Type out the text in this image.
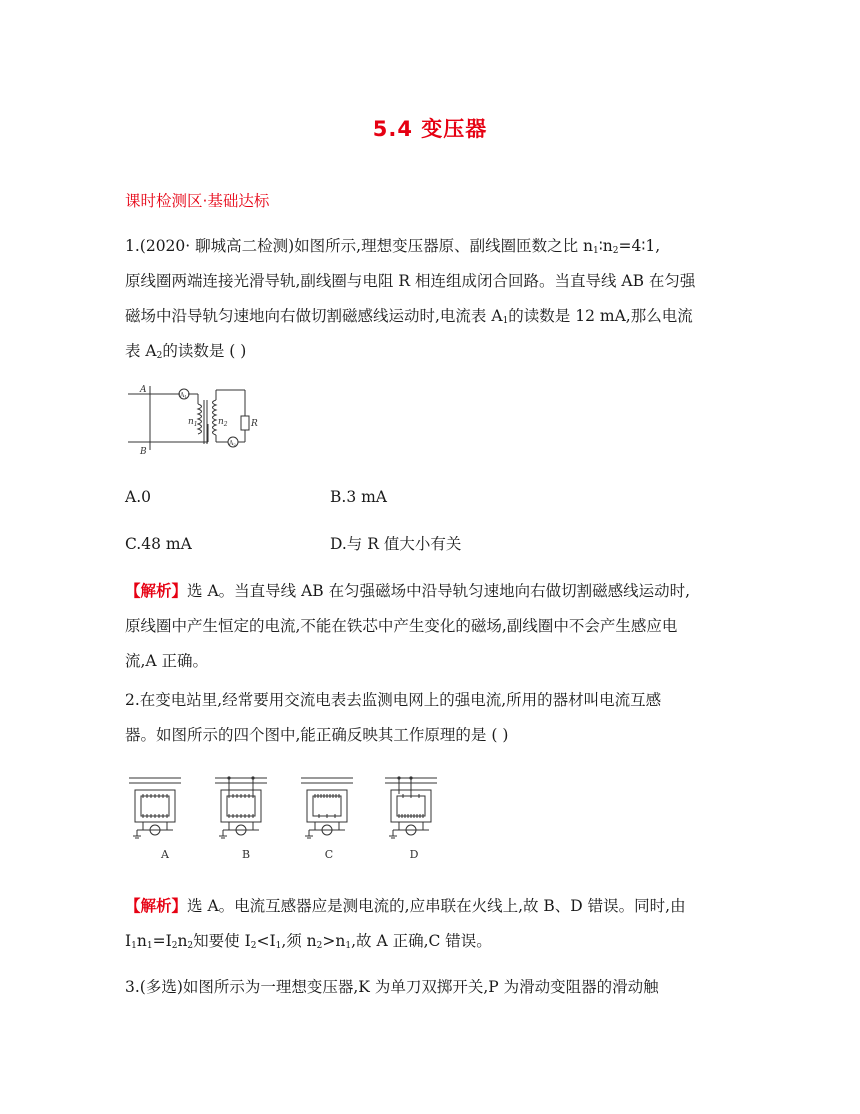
5.4 变压器
课时检测区·基础达标
1.(2020· 聊城高二检测)如图所示,理想变压器原、副线圈匝数之比 $n_1∶n_2=4∶1$,
原线圈两端连接光滑导轨,副线圈与电阻 R 相连组成闭合回路。当直导线 AB 在匀强
磁场中沿导轨匀速地向右做切割磁感线运动时,电流表 $A_1$的读数是 12 mA,那么电流
表 $A_2$的读数是 ( )
A
B
$n_1$ $n_2$	R
A1
A2
A.0	B.3 mA
C.48 mA	D.与 R 值大小有关
【解析】选 A。当直导线 AB 在匀强磁场中沿导轨匀速地向右做切割磁感线运动时,
原线圈中产生恒定的电流,不能在铁芯中产生变化的磁场,副线圈中不会产生感应电
流,A 正确。
2.在变电站里,经常要用交流电表去监测电网上的强电流,所用的器材叫电流互感
器。如图所示的四个图中,能正确反映其工作原理的是 ( )
A	B	C	D
【解析】选 A。电流互感器应是测电流的,应串联在火线上,故 B、D 错误。同时,由
$I_1n_1=I_2n_2$知要使 $I_2<I_1$,须 $n_2>n_1$,故 A 正确,C 错误。
3.(多选)如图所示为一理想变压器,K 为单刀双掷开关,P 为滑动变阻器的滑动触
